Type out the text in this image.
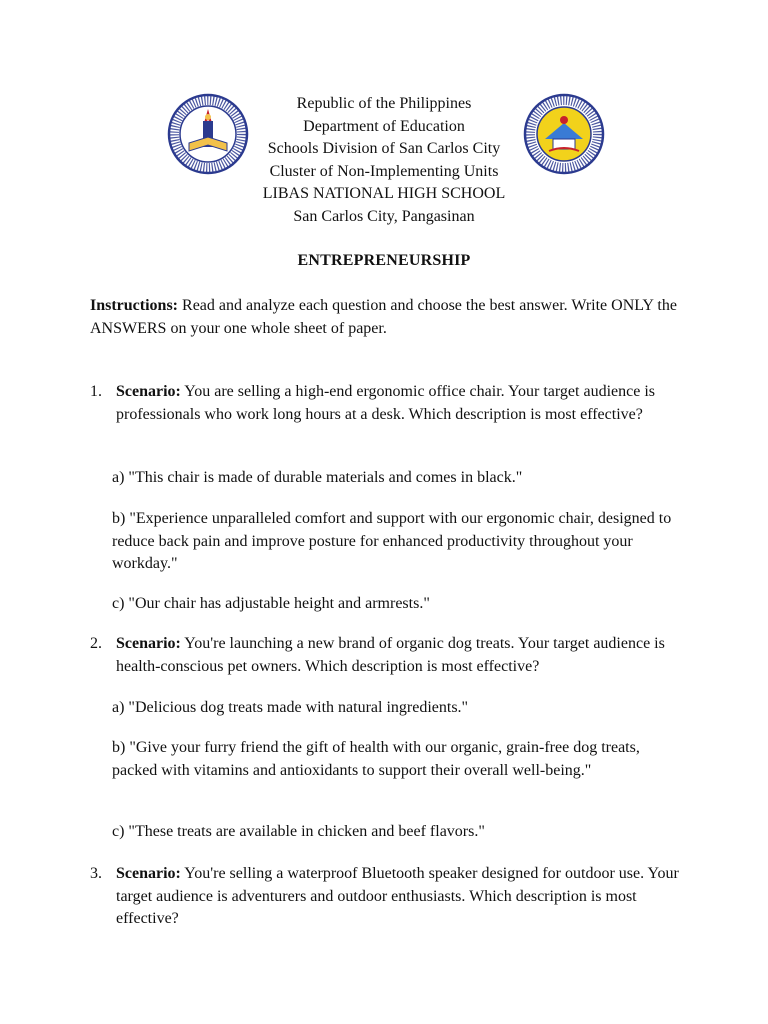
Republic of the Philippines
Department of Education
Schools Division of San Carlos City
Cluster of Non-Implementing Units
LIBAS NATIONAL HIGH SCHOOL
San Carlos City, Pangasinan
ENTREPRENEURSHIP
Instructions: Read and analyze each question and choose the best answer. Write ONLY the ANSWERS on your one whole sheet of paper.
1. Scenario: You are selling a high-end ergonomic office chair. Your target audience is professionals who work long hours at a desk. Which description is most effective?
a) "This chair is made of durable materials and comes in black."
b) "Experience unparalleled comfort and support with our ergonomic chair, designed to reduce back pain and improve posture for enhanced productivity throughout your workday."
c) "Our chair has adjustable height and armrests."
2. Scenario: You're launching a new brand of organic dog treats. Your target audience is health-conscious pet owners. Which description is most effective?
a) "Delicious dog treats made with natural ingredients."
b) "Give your furry friend the gift of health with our organic, grain-free dog treats, packed with vitamins and antioxidants to support their overall well-being."
c) "These treats are available in chicken and beef flavors."
3. Scenario: You're selling a waterproof Bluetooth speaker designed for outdoor use. Your target audience is adventurers and outdoor enthusiasts. Which description is most effective?
